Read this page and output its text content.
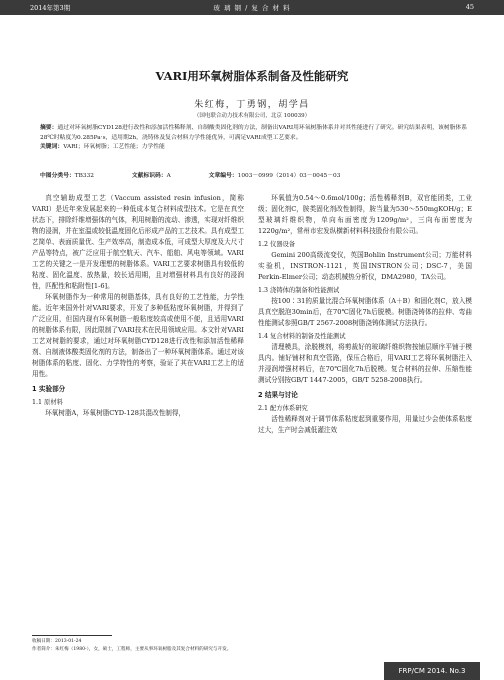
2014年第3期	玻 璃 钢 / 复 合 材 料	45
VARI用环氧树脂体系制备及性能研究
朱红梅，丁勇钢，胡学昌
（国电联合动力技术有限公司，北京 100039）

摘要：通过对环氧树脂CYD128进行改性和添加活性稀释剂、自制酸类固化剂的方法，制备出VARI用环氧树脂体系并对其性能进行了研究。研究结果表明，该树脂体系28℃时粘度为0.285Pa·s，适用期2h，浇铸体及复合材料力学性能优异，可满足VARI成型工艺要求。

关键词：VARI；环氧树脂；工艺性能；力学性能

中图分类号：TB332	文献标识码：A	文章编号：1003－0999（2014）03－0045－03

真空辅助成型工艺（Vaccum assisted resin infusion，简称VARI）是近年来发展起来的一种低成本复合材料成型技术。它是在真空状态下，排除纤维增强体的气体，利用树脂的流动、渗透，实现对纤维织物的浸润，并在室温或较低温度固化后形成产品的工艺技术。具有成型工艺简单、表面质量优、生产效率高，制造成本低，可成型大厚度及大尺寸产品等特点，被广泛应用于航空航天、汽车、船舶、风电等领域。VARI工艺的关键之一是开发理想的树脂体系。VARI工艺要求树脂具有较低的粘度、固化温度、放热量，较长适用期，且对增强材料具有良好的浸润性，匹配性和粘附性[1-6]。

环氧树脂作为一种常用的树脂基体，具有良好的工艺性能，力学性能。近年来国外针对VARI要求，开发了多种低粘度环氧树脂，并得到了广泛应用，但国内现有环氧树脂一般粘度较高或使用不便，且适用VARI的树脂体系有限，因此限制了VARI技术在民用领域应用。本文针对VARI工艺对树脂的要求，通过对环氧树脂CYD128进行改性和添加活性稀释剂、自制液体酸类固化剂的方法，制备出了一种环氧树脂体系。通过对该树脂体系的粘度、固化、力学特性的考察，验证了其在VARI工艺上的适用性。

1 实验部分

1.1 原材料

环氧树脂A，环氧树脂CYD-128共混改性制得，

环氧值为0.54～0.6mol/100g；活性稀释剂B，双官能团类，工业级；固化剂C，胺类固化剂改性制得，胺当量为530～550mgKOH/g；E型玻璃纤维织物，单向布面密度为1209g/m²，三向布面密度为1220g/m²，常州市宏发纵横新材料科技股份有限公司。

1.2 仪器设备

Gemini 200高级流变仪，英国Bohlin Instrument公司；万能材料实验机，INSTRON-1121，英国INSTRON公司；DSC-7，美国Perkin-Elmer公司；动态机械热分析仪，DMA2980，TA公司。

1.3 浇铸体的制备和性能测试

按100∶31的质量比混合环氧树脂体系（A＋B）和固化剂C，放入模具真空脱泡30min后，在70℃固化7h后脱模。树脂浇铸体的拉伸、弯曲性能测试参照GB/T 2567-2008树脂浇铸体测试方法执行。

1.4 复合材料的制备及性能测试

清理模具，涂脱模剂，将剪裁好的玻璃纤维织物按铺层顺序平铺于模具内。铺好铺材和真空管路，保压合格后，用VARI工艺将环氧树脂注入并浸润增强材料后，在70℃固化7h后脱模。复合材料的拉伸、压缩性能测试分别按GB/T 1447-2005，GB/T 5258-2008执行。

2 结果与讨论

2.1 配方体系研究

活性稀释剂对于调节体系粘度起到重要作用，用量过少会使体系粘度过大，生产时会减低灌注效

收稿日期：2013-01-24
作者简介：朱红梅（1980-），女，硕士，工程师，主要从事环氧树脂及其复合材料的研究与开发。
FRP/CM 2014. No.3
